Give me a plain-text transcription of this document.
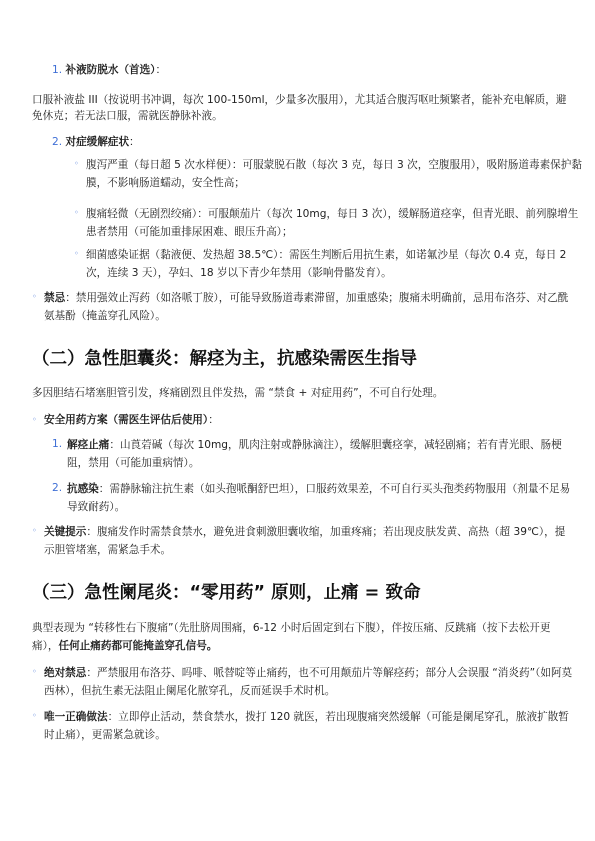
1. 补液防脱水（首选）：

口服补液盐 III（按说明书冲调，每次 100-150ml，少量多次服用），尤其适合腹泻呕吐频繁者，能补充电解质，避免休克；若无法口服，需就医静脉补液。

2. 对症缓解症状：

◦ 腹泻严重（每日超 5 次水样便）：可服蒙脱石散（每次 3 克，每日 3 次，空腹服用），吸附肠道毒素保护黏膜，不影响肠道蠕动，安全性高；

◦ 腹痛轻微（无剧烈绞痛）：可服颠茄片（每次 10mg，每日 3 次），缓解肠道痉挛，但青光眼、前列腺增生患者禁用（可能加重排尿困难、眼压升高）；

◦ 细菌感染证据（黏液便、发热超 38.5℃）：需医生判断后用抗生素，如诺氟沙星（每次 0.4 克，每日 2 次，连续 3 天），孕妇、18 岁以下青少年禁用（影响骨骼发育）。

◦ 禁忌：禁用强效止泻药（如洛哌丁胺），可能导致肠道毒素滞留，加重感染；腹痛未明确前，忌用布洛芬、对乙酰氨基酚（掩盖穿孔风险）。

（二）急性胆囊炎：解痉为主，抗感染需医生指导

多因胆结石堵塞胆管引发，疼痛剧烈且伴发热，需 “禁食 + 对症用药”，不可自行处理。

◦ 安全用药方案（需医生评估后使用）：

1. 解痉止痛：山莨菪碱（每次 10mg，肌肉注射或静脉滴注），缓解胆囊痉挛，减轻剧痛；若有青光眼、肠梗阻，禁用（可能加重病情）。

2. 抗感染：需静脉输注抗生素（如头孢哌酮舒巴坦），口服药效果差，不可自行买头孢类药物服用（剂量不足易导致耐药）。

◦ 关键提示：腹痛发作时需禁食禁水，避免进食刺激胆囊收缩，加重疼痛；若出现皮肤发黄、高热（超 39℃），提示胆管堵塞，需紧急手术。

（三）急性阑尾炎：“零用药” 原则，止痛 = 致命

典型表现为 “转移性右下腹痛”（先肚脐周围痛，6-12 小时后固定到右下腹），伴按压痛、反跳痛（按下去松开更痛），任何止痛药都可能掩盖穿孔信号。

◦ 绝对禁忌：严禁服用布洛芬、吗啡、哌替啶等止痛药，也不可用颠茄片等解痉药；部分人会误服 “消炎药”（如阿莫西林），但抗生素无法阻止阑尾化脓穿孔，反而延误手术时机。

◦ 唯一正确做法：立即停止活动，禁食禁水，拨打 120 就医，若出现腹痛突然缓解（可能是阑尾穿孔，脓液扩散暂时止痛），更需紧急就诊。
